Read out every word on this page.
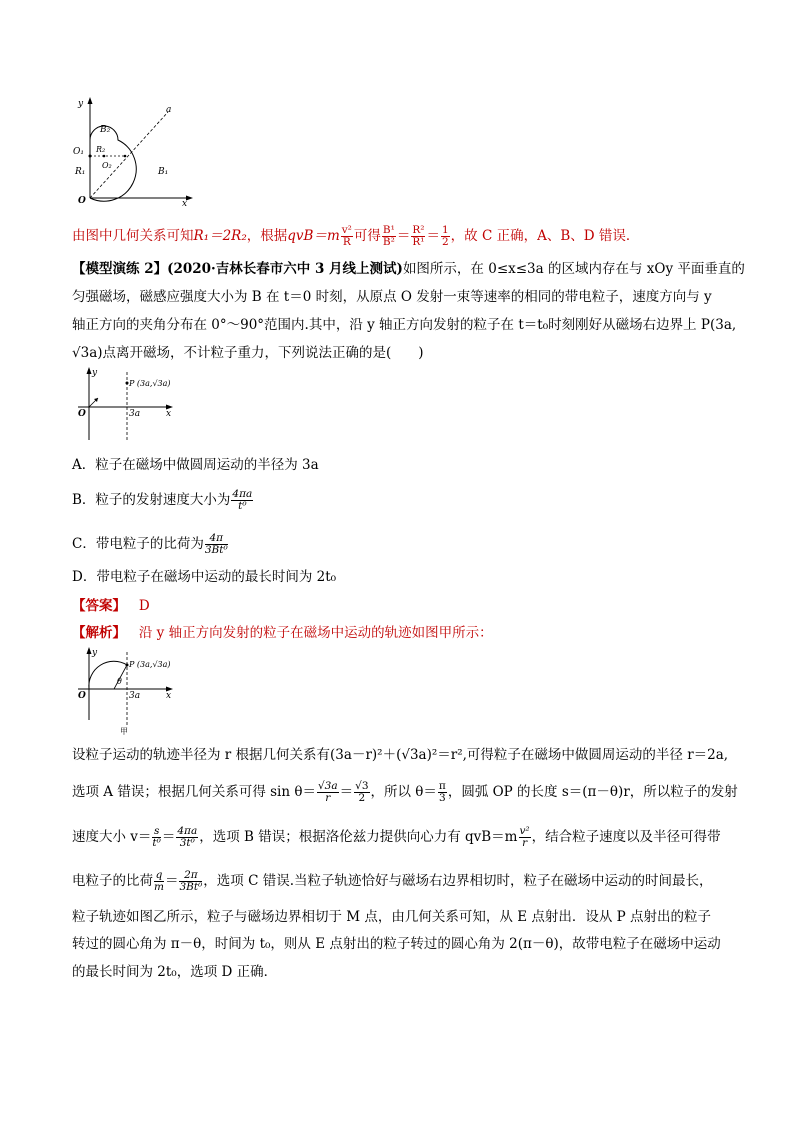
y
a
B₂
O₁ R₂
O₂
R₁	B₁
O	x
由图中几何关系可知R₁＝2R₂，根据$qvB=m \frac{\text{v²}}{R}$ 可得 $\frac{\text{B¹}}{\text{B²}} = \frac{\text{R²}}{\text{R¹}} = \frac{1}{2}$ ，故 C 正确，A、B、D 错误．
【模型演练 2】(2020·吉林长春市六中 3 月线上测试)如图所示，在 0≤x≤3a 的区域内存在与 xOy 平面垂直的
匀强磁场，磁感应强度大小为 B 在 t＝0 时刻，从原点 O 发射一束等速率的相同的带电粒子，速度方向与 y
轴正方向的夹角分布在 0°～90°范围内.其中，沿 y 轴正方向发射的粒子在 t＝t₀时刻刚好从磁场右边界上 P(3a,
√3a)点离开磁场，不计粒子重力，下列说法正确的是(　　)
y
P (3a,√3a)
O	3a	x
A．粒子在磁场中做圆周运动的半径为 3a
B．粒子的发射速度大小为 $\frac{4\pi a}{\text{t⁰}}$
C．带电粒子的比荷为 $\frac{4\pi}{\text{3Bt⁰}}$
D．带电粒子在磁场中运动的最长时间为 2t₀
【答案】 D
【解析】 沿 y 轴正方向发射的粒子在磁场中运动的轨迹如图甲所示：
y
P (3a,√3a)
θ
O	3a	x
甲
设粒子运动的轨迹半径为 r 根据几何关系有(3a－r)²＋(√3a)²＝r²,可得粒子在磁场中做圆周运动的半径 r＝2a,
选项 A 错误；根据几何关系可得 $\sin \theta= \frac{√3a}{r} = \frac{√3}{2}$ ，所以 $\theta= \frac{\pi}{3}$ ，圆弧 OP 的长度 s＝(π－θ)r，所以粒子的发射
速度大小 $v= \frac{s}{\text{t⁰}} = \frac{4\pi a}{\text{3t⁰}}$ ，选项 B 错误；根据洛伦兹力提供向心力有 $qvB=m \frac{\text{v²}}{r}$ ，结合粒子速度以及半径可得带
电粒子的比荷 $\frac{q}{m} = \frac{2\pi}{\text{3Bt⁰}}$ ，选项 C 错误.当粒子轨迹恰好与磁场右边界相切时，粒子在磁场中运动的时间最长，
粒子轨迹如图乙所示，粒子与磁场边界相切于 M 点，由几何关系可知，从 E 点射出．设从 P 点射出的粒子
转过的圆心角为 π－θ，时间为 t₀，则从 E 点射出的粒子转过的圆心角为 2(π－θ)，故带电粒子在磁场中运动
的最长时间为 2t₀，选项 D 正确．
